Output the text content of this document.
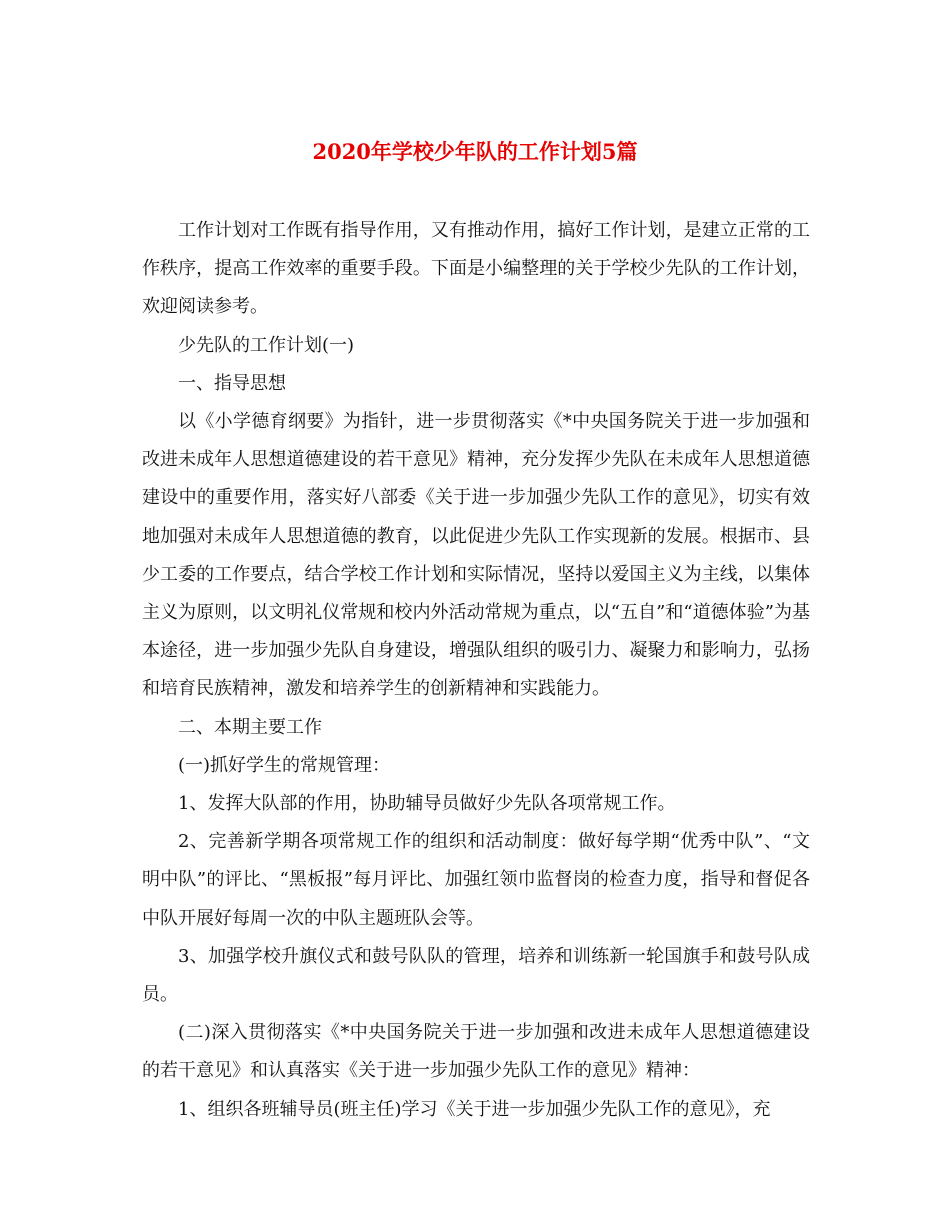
2020年学校少年队的工作计划5篇

工作计划对工作既有指导作用，又有推动作用，搞好工作计划，是建立正常的工作秩序，提高工作效率的重要手段。下面是小编整理的关于学校少先队的工作计划，欢迎阅读参考。

少先队的工作计划(一)

一、指导思想

以《小学德育纲要》为指针，进一步贯彻落实《*中央国务院关于进一步加强和改进未成年人思想道德建设的若干意见》精神，充分发挥少先队在未成年人思想道德建设中的重要作用，落实好八部委《关于进一步加强少先队工作的意见》，切实有效地加强对未成年人思想道德的教育，以此促进少先队工作实现新的发展。根据市、县少工委的工作要点，结合学校工作计划和实际情况，坚持以爱国主义为主线，以集体主义为原则，以文明礼仪常规和校内外活动常规为重点，以“五自”和“道德体验”为基本途径，进一步加强少先队自身建设，增强队组织的吸引力、凝聚力和影响力，弘扬和培育民族精神，激发和培养学生的创新精神和实践能力。

二、本期主要工作

(一)抓好学生的常规管理：

1、发挥大队部的作用，协助辅导员做好少先队各项常规工作。

2、完善新学期各项常规工作的组织和活动制度：做好每学期“优秀中队”、“文明中队”的评比、“黑板报”每月评比、加强红领巾监督岗的检查力度，指导和督促各中队开展好每周一次的中队主题班队会等。

3、加强学校升旗仪式和鼓号队队的管理，培养和训练新一轮国旗手和鼓号队成员。

(二)深入贯彻落实《*中央国务院关于进一步加强和改进未成年人思想道德建设的若干意见》和认真落实《关于进一步加强少先队工作的意见》精神：

1、组织各班辅导员(班主任)学习《关于进一步加强少先队工作的意见》，充
